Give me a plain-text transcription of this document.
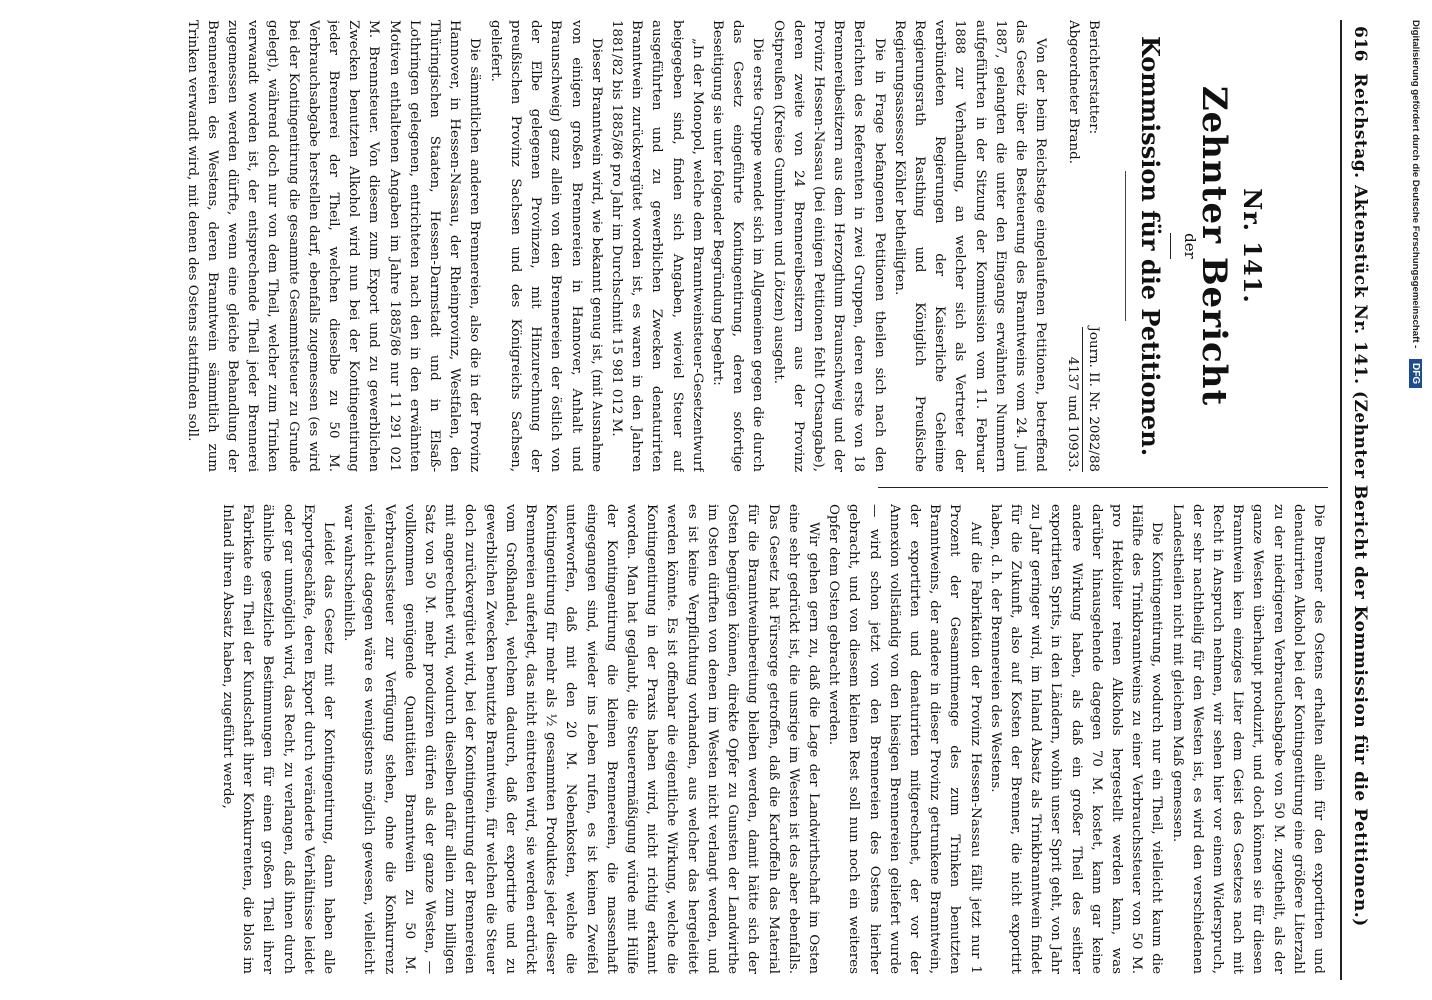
616
Reichstag. Aktenstück Nr. 141. (Zehnter Bericht der Kommission für die Petitionen.)
Nr. 141.
Zehnter Bericht
der
Kommission für die Petitionen.
Berichterstatter:
Abgeordneter Brand.
Journ. II. Nr. 2082/88
4137 und 10933.

Von der beim Reichstage eingelaufenen Petitionen, betreffend das Gesetz über die Besteuerung des Branntweins vom 24. Juni 1887, gelangten die unter den Eingangs erwähnten Nummern aufgeführten in der Sitzung der Kommission vom 11. Februar 1888 zur Verhandlung, an welcher sich als Vertreter der verbündeten Regierungen der Kaiserliche Geheime Regierungsrath Rasthing und Königlich Preußische Regierungsassessor Köhler betheiligten.

Die in Frage befangenen Petitionen theilen sich nach den Berichten des Referenten in zwei Gruppen, deren erste von 18 Brennereibesitzern aus dem Herzogthum Braunschweig und der Provinz Hessen-Nassau (bei einigen Petitionen fehlt Ortsangabe), deren zweite von 24 Brennereibesitzern aus der Provinz Ostpreußen (Kreise Gumbinnen und Lötzen) ausgeht.

Die erste Gruppe wendet sich im Allgemeinen gegen die durch das Gesetz eingeführte Kontingentirung, deren sofortige Beseitigung sie unter folgender Begründung begehrt:

„In der Monopol, welche dem Branntweinsteuer-Gesetzentwurf beigegeben sind, finden sich Angaben, wieviel Steuer auf ausgeführten und zu gewerblichen Zwecken denaturirten Branntwein zurückvergütet worden ist, es waren in den Jahren 1881/82 bis 1885/86 pro Jahr im Durchschnitt 15 981 012 M.

Dieser Branntwein wird, wie bekannt genug ist, (mit Ausnahme von einigen großen Brennereien in Hannover, Anhalt und Braunschweig) ganz allein von den Brennereien der östlich von der Elbe gelegenen Provinzen, mit Hinzurechnung der preußischen Provinz Sachsen und des Königreichs Sachsen, geliefert.

Die sämmtlichen anderen Brennereien, also die in der Provinz Hannover, in Hessen-Nassau, der Rheinprovinz, Westfalen, den Thüringischen Staaten, Hessen-Darmstadt und in Elsaß-Lothringen gelegenen, entrichteten nach den in den erwähnten Motiven enthaltenen Angaben im Jahre 1885/86 nur 11 291 021 M. Brennsteuer. Von diesem zum Export und zu gewerblichen Zwecken benutzten Alkohol wird nun bei der Kontingentirung jeder Brennerei der Theil, welchen dieselbe zu 50 M. Verbrauchsabgabe herstellen darf, ebenfalls zugemessen (es wird bei der Kontingentirung die gesammte Gesammtsteuer zu Grunde gelegt), während doch nur von dem Theil, welcher zum Trinken verwandt worden ist, der entsprechende Theil jeder Brennerei zugemessen werden dürfte, wenn eine gleiche Behandlung der Brennereien des Westens, deren Branntwein sämmtlich zum Trinken verwandt wird, mit denen des Ostens stattfinden soll.

Die Brenner des Ostens erhalten allein für den exportirten und denaturirten Alkohol bei der Kontingentirung eine größere Literzahl zu der niedrigeren Verbrauchsabgabe von 50 M. zugetheilt, als der ganze Westen überhaupt produzirt, und doch können sie für diesen Branntwein kein einziges Liter dem Geist des Gesetzes nach mit Recht in Anspruch nehmen, wir sehen hier vor einem Widerspruch, der sehr nachtheilig für den Westen ist, es wird den verschiedenen Landestheilen nicht mit gleichem Maß gemessen.

Die Kontingentirung, wodurch nur ein Theil, vielleicht kaum die Hälfte des Trinkbranntweins zu einer Verbrauchssteuer von 50 M. pro Hektoliter reinen Alkohols hergestellt werden kann, was darüber hinausgehende dagegen 70 M. kostet, kann gar keine andere Wirkung haben, als daß ein großer Theil des seither exportirten Sprits, in den Ländern, wohin unser Sprit geht, von Jahr zu Jahr geringer wird, im Inland Absatz als Trinkbranntwein findet für die Zukunft, also auf Kosten der Brenner, die nicht exportirt haben, d. h. der Brennereien des Westens.

Auf die Fabrikation der Provinz Hessen-Nassau fällt jetzt nur 1 Prozent der Gesammtmenge des zum Trinken benutzten Branntweins, der andere in dieser Provinz getrunkene Branntwein, der exportirten und denaturirten mitgerechnet, der vor der Annexion vollständig von den hiesigen Brennereien geliefert wurde — wird schon jetzt von den Brennereien des Ostens hierher gebracht, und von diesem kleinen Rest soll nun noch ein weiteres Opfer dem Osten gebracht werden.

Wir gehen gern zu, daß die Lage der Landwirthschaft im Osten eine sehr gedrückt ist, die unsrige im Westen ist des aber ebenfalls. Das Gesetz hat Fürsorge getroffen, daß die Kartoffeln das Material für die Branntweinbereitung bleiben werden, damit hätte sich der Osten begnügen können, direkte Opfer zu Gunsten der Landwirthe im Osten dürften von denen im Westen nicht verlangt werden, und es ist keine Verpflichtung vorhanden, aus welcher das hergeleitet werden könnte. Es ist offenbar die eigentliche Wirkung, welche die Kontingentirung in der Praxis haben wird, nicht richtig erkannt worden. Man hat geglaubt, die Steuerermäßigung würde mit Hülfe der Kontingentirung die kleinen Brennereien, die massenhaft eingegangen sind, wieder ins Leben rufen, es ist keinen Zweifel unterworfen, daß mit den 20 M. Nebenkosten, welche die Kontingentirung für mehr als ½ gesammten Produktes jeder dieser Brennereien auferlegt, das nicht eintreten wird, sie werden erdrückt vom Großhandel, welchem dadurch, daß der exportirte und zu gewerblichen Zwecken benutzte Branntwein, für welchen die Steuer doch zurückvergütet wird, bei der Kontingentirung der Brennereien mit angerechnet wird, wodurch dieselben dafür allein zum billigen Satz von 50 M. mehr produziren dürfen als der ganze Westen, — vollkommen genügende Quantitäten Branntwein zu 50 M. Verbrauchssteuer zur Verfügung stehen, ohne die Konkurrenz vielleicht dagegen wäre es wenigstens möglich gewesen, vielleicht war wahrscheinlich.

Leidet das Gesetz mit der Kontingentirung, dann haben alle Exportgeschäfte, deren Export durch veränderte Verhältnisse leidet oder gar unmöglich wird, das Recht, zu verlangen, daß ihnen durch ähnliche gesetzliche Bestimmungen für einen großen Theil ihrer Fabrikate ein Theil der Kundschaft ihrer Konkurrenten, die blos im Inland ihren Absatz haben, zugeführt werde,

Digitalisierung gefördert durch die Deutsche Forschungsgemeinschaft - DFG
